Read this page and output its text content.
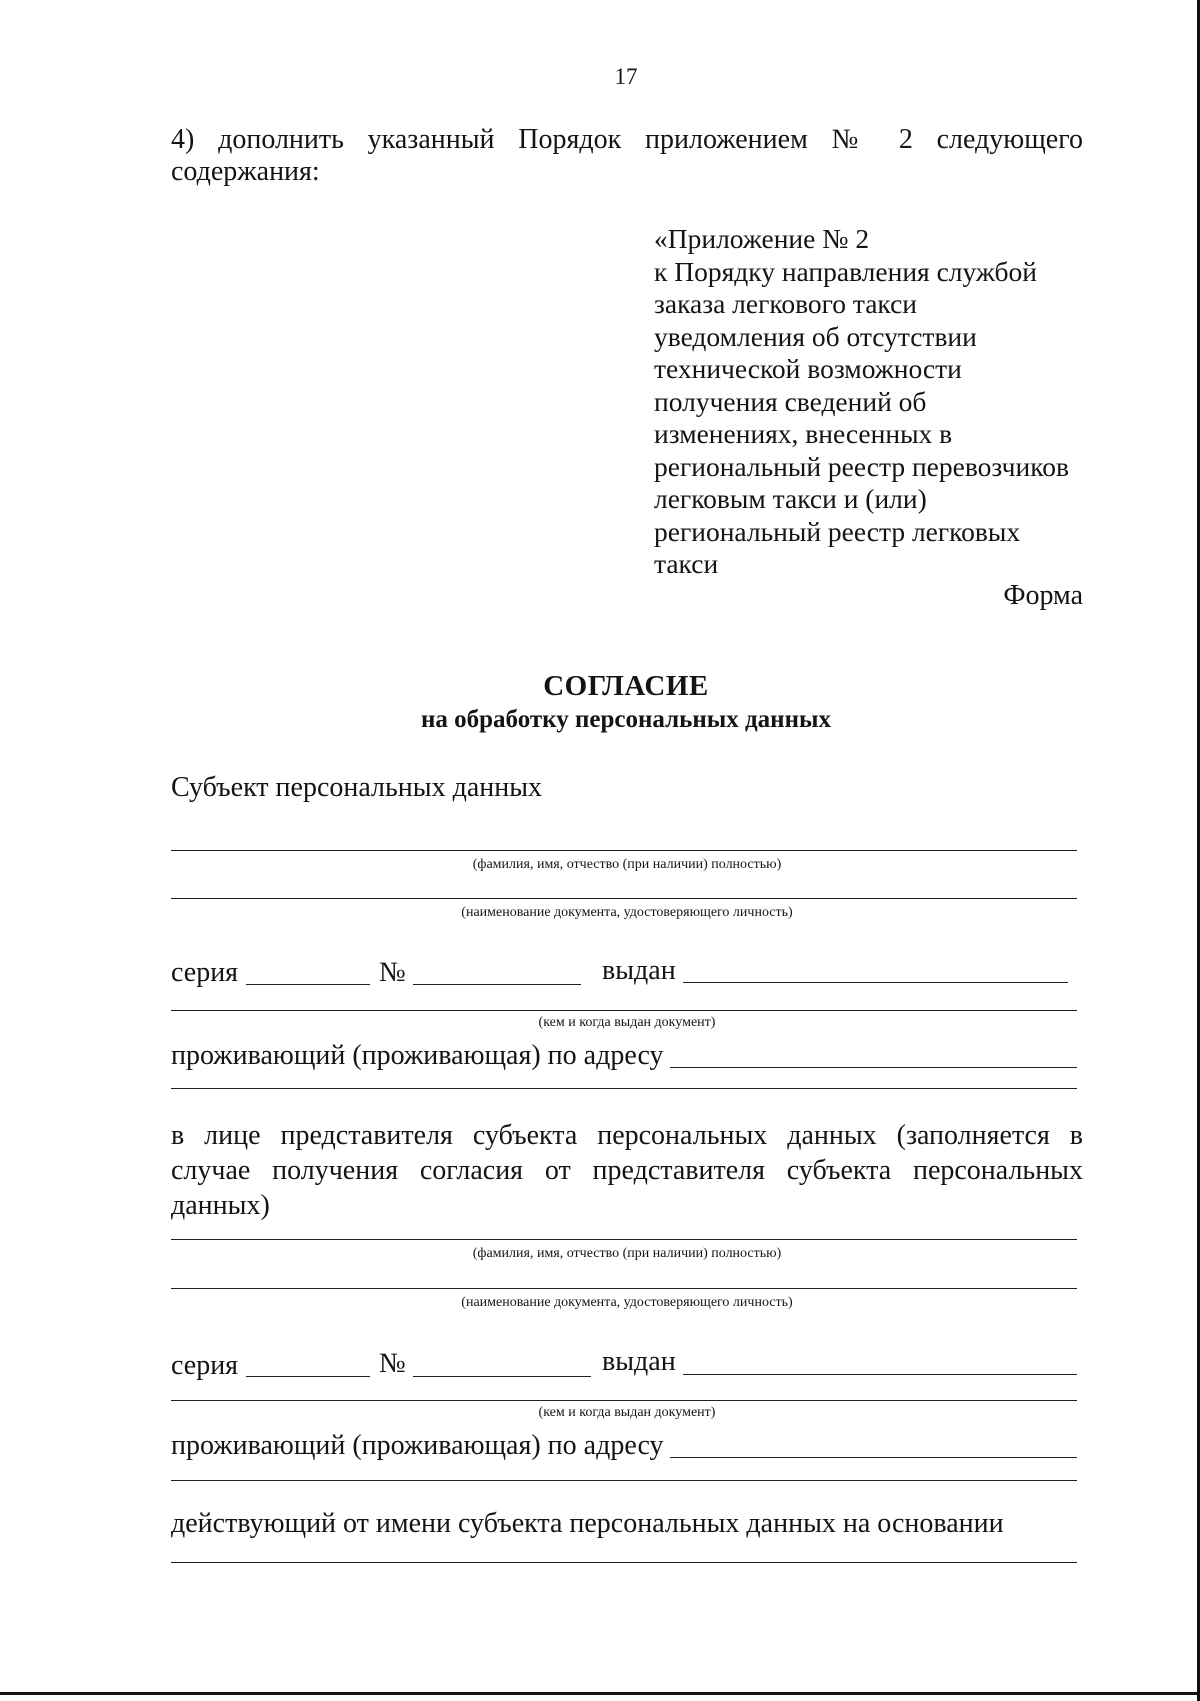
17
4) дополнить указанный Порядок приложением № 2 следующего
содержания:
«Приложение № 2
к Порядку направления службой
заказа легкового такси
уведомления об отсутствии
технической возможности
получения сведений об
изменениях, внесенных в
региональный реестр перевозчиков
легковым такси и (или)
региональный реестр легковых
такси
Форма
СОГЛАСИЕ
на обработку персональных данных
Субъект персональных данных
(фамилия, имя, отчество (при наличии) полностью)
(наименование документа, удостоверяющего личность)
серия	№	выдан
(кем и когда выдан документ)
проживающий (проживающая) по адресу
в лице представителя субъекта персональных данных (заполняется в
случае получения согласия от представителя субъекта персональных
данных)
(фамилия, имя, отчество (при наличии) полностью)
(наименование документа, удостоверяющего личность)
серия	№	выдан
(кем и когда выдан документ)
проживающий (проживающая) по адресу
действующий от имени субъекта персональных данных на основании
